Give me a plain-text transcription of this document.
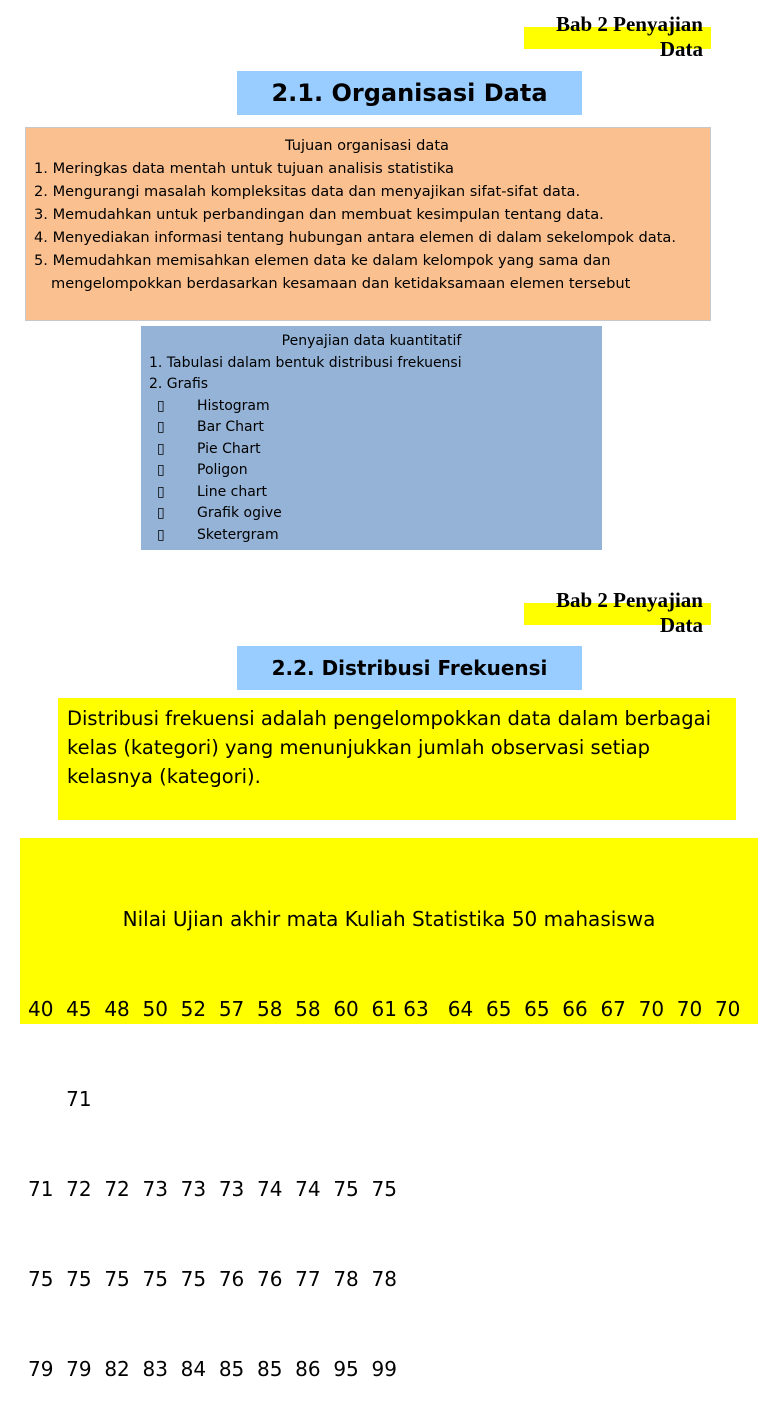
Bab 2 Penyajian
Data
2.1. Organisasi Data
Tujuan organisasi data
1. Meringkas data mentah untuk tujuan analisis statistika
2. Mengurangi masalah kompleksitas data dan menyajikan sifat-sifat data.
3. Memudahkan untuk perbandingan dan membuat kesimpulan tentang data.
4. Menyediakan informasi tentang hubungan antara elemen di dalam sekelompok data.
5. Memudahkan memisahkan elemen data ke dalam kelompok yang sama dan mengelompokkan berdasarkan kesamaan dan ketidaksamaan elemen tersebut
Penyajian data kuantitatif
1. Tabulasi dalam bentuk distribusi frekuensi
2. Grafis
▯ Histogram
▯ Bar Chart
▯ Pie Chart
▯ Poligon
▯ Line chart
▯ Grafik ogive
▯ Sketergram
Bab 2 Penyajian
Data
2.2. Distribusi Frekuensi
Distribusi frekuensi adalah pengelompokkan data dalam berbagai kelas (kategori) yang menunjukkan jumlah observasi setiap kelasnya (kategori).

Nilai Ujian akhir mata Kuliah Statistika 50 mahasiswa

40  45  48  50  52  57  58  58  60  61 63   64  65  65  66  67  70  70  70

71

71  72  72  73  73  73  74  74  75  75

75  75  75  75  75  76  76  77  78  78

79  79  82  83  84  85  85  86  95  99
